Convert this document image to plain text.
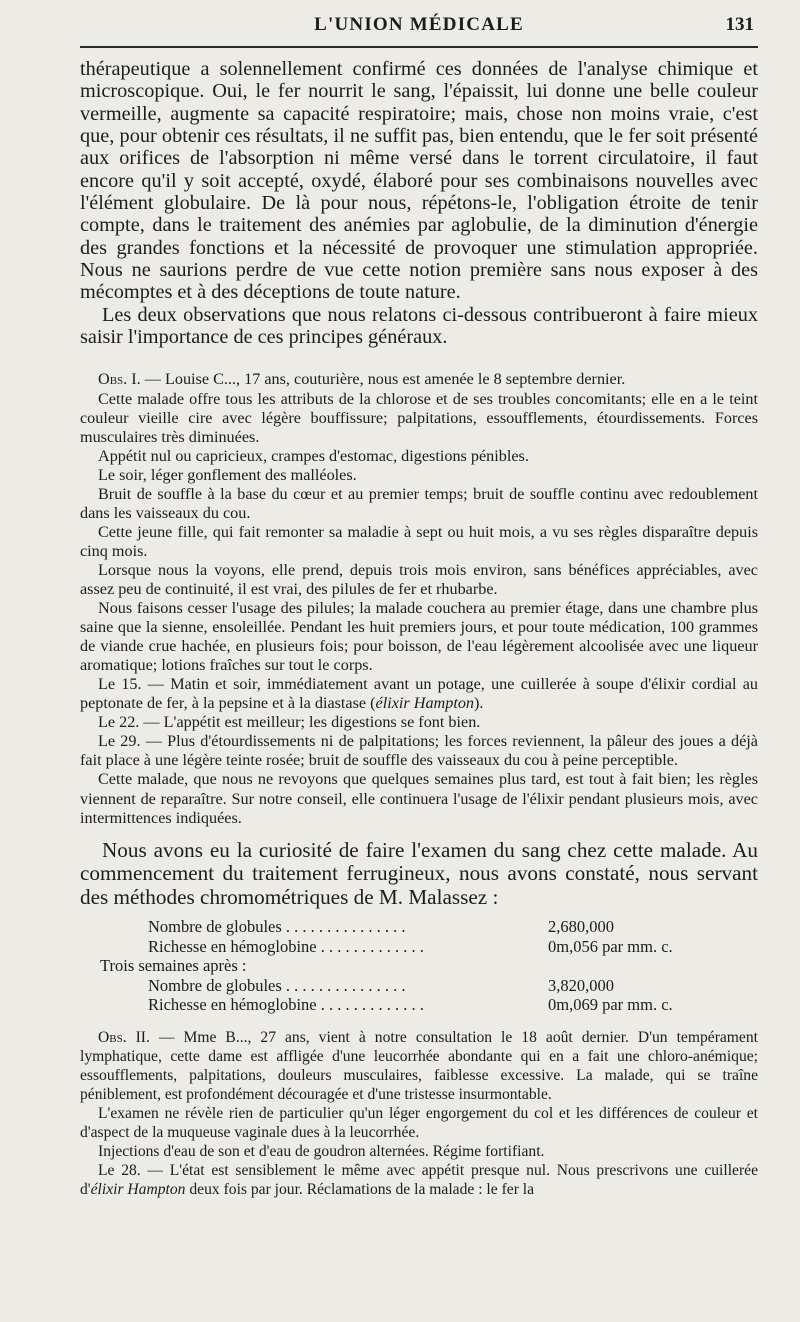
L'UNION MÉDICALE	131

thérapeutique a solennellement confirmé ces données de l'analyse chimique et microscopique. Oui, le fer nourrit le sang, l'épaissit, lui donne une belle couleur vermeille, augmente sa capacité respiratoire; mais, chose non moins vraie, c'est que, pour obtenir ces résultats, il ne suffit pas, bien entendu, que le fer soit présenté aux orifices de l'absorption ni même versé dans le torrent circulatoire, il faut encore qu'il y soit accepté, oxydé, élaboré pour ses combinaisons nouvelles avec l'élément globulaire. De là pour nous, répétons-le, l'obligation étroite de tenir compte, dans le traitement des anémies par aglobulie, de la diminution d'énergie des grandes fonctions et la nécessité de provoquer une stimulation appropriée. Nous ne saurions perdre de vue cette notion première sans nous exposer à des mécomptes et à des déceptions de toute nature.

Les deux observations que nous relatons ci-dessous contribueront à faire mieux saisir l'importance de ces principes généraux.

Obs. I. — Louise C..., 17 ans, couturière, nous est amenée le 8 septembre dernier.

Cette malade offre tous les attributs de la chlorose et de ses troubles concomitants; elle en a le teint couleur vieille cire avec légère bouffissure; palpitations, essoufflements, étourdissements. Forces musculaires très diminuées.

Appétit nul ou capricieux, crampes d'estomac, digestions pénibles.

Le soir, léger gonflement des malléoles.

Bruit de souffle à la base du cœur et au premier temps; bruit de souffle continu avec redoublement dans les vaisseaux du cou.

Cette jeune fille, qui fait remonter sa maladie à sept ou huit mois, a vu ses règles disparaître depuis cinq mois.

Lorsque nous la voyons, elle prend, depuis trois mois environ, sans bénéfices appréciables, avec assez peu de continuité, il est vrai, des pilules de fer et rhubarbe.

Nous faisons cesser l'usage des pilules; la malade couchera au premier étage, dans une chambre plus saine que la sienne, ensoleillée. Pendant les huit premiers jours, et pour toute médication, 100 grammes de viande crue hachée, en plusieurs fois; pour boisson, de l'eau légèrement alcoolisée avec une liqueur aromatique; lotions fraîches sur tout le corps.

Le 15. — Matin et soir, immédiatement avant un potage, une cuillerée à soupe d'élixir cordial au peptonate de fer, à la pepsine et à la diastase (élixir Hampton).

Le 22. — L'appétit est meilleur; les digestions se font bien.

Le 29. — Plus d'étourdissements ni de palpitations; les forces reviennent, la pâleur des joues a déjà fait place à une légère teinte rosée; bruit de souffle des vaisseaux du cou à peine perceptible.

Cette malade, que nous ne revoyons que quelques semaines plus tard, est tout à fait bien; les règles viennent de reparaître. Sur notre conseil, elle continuera l'usage de l'élixir pendant plusieurs mois, avec intermittences indiquées.

Nous avons eu la curiosité de faire l'examen du sang chez cette malade. Au commencement du traitement ferrugineux, nous avons constaté, nous servant des méthodes chromométriques de M. Malassez :

Nombre de globules . . . . . . . . . . . . . . .	2,680,000
Richesse en hémoglobine . . . . . . . . . . . . .	0m,056 par mm. c.
Trois semaines après :
Nombre de globules . . . . . . . . . . . . . . .	3,820,000
Richesse en hémoglobine . . . . . . . . . . . . .	0m,069 par mm. c.

Obs. II. — Mme B..., 27 ans, vient à notre consultation le 18 août dernier. D'un tempérament lymphatique, cette dame est affligée d'une leucorrhée abondante qui en a fait une chloro-anémique; essoufflements, palpitations, douleurs musculaires, faiblesse excessive. La malade, qui se traîne péniblement, est profondément découragée et d'une tristesse insurmontable.

L'examen ne révèle rien de particulier qu'un léger engorgement du col et les différences de couleur et d'aspect de la muqueuse vaginale dues à la leucorrhée.

Injections d'eau de son et d'eau de goudron alternées. Régime fortifiant.

Le 28. — L'état est sensiblement le même avec appétit presque nul. Nous prescrivons une cuillerée d'élixir Hampton deux fois par jour. Réclamations de la malade : le fer la
